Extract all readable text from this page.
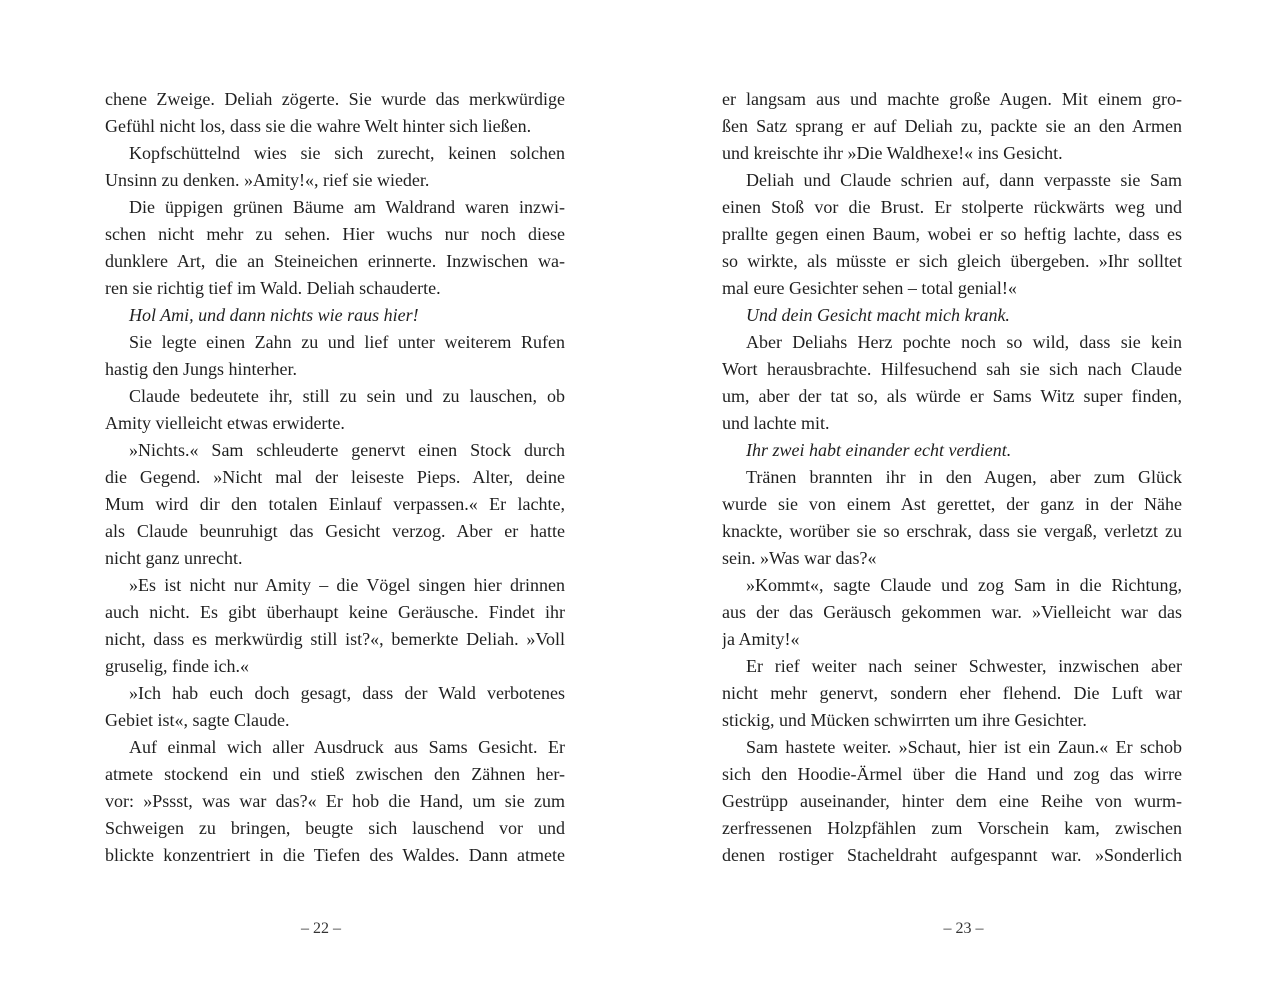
chene Zweige. Deliah zögerte. Sie wurde das merkwürdige
Gefühl nicht los, dass sie die wahre Welt hinter sich ließen.
Kopfschüttelnd wies sie sich zurecht, keinen solchen
Unsinn zu denken. »Amity!«, rief sie wieder.
Die üppigen grünen Bäume am Waldrand waren inzwi-
schen nicht mehr zu sehen. Hier wuchs nur noch diese
dunklere Art, die an Steineichen erinnerte. Inzwischen wa-
ren sie richtig tief im Wald. Deliah schauderte.
Hol Ami, und dann nichts wie raus hier!
Sie legte einen Zahn zu und lief unter weiterem Rufen
hastig den Jungs hinterher.
Claude bedeutete ihr, still zu sein und zu lauschen, ob
Amity vielleicht etwas erwiderte.
»Nichts.« Sam schleuderte genervt einen Stock durch
die Gegend. »Nicht mal der leiseste Pieps. Alter, deine
Mum wird dir den totalen Einlauf verpassen.« Er lachte,
als Claude beunruhigt das Gesicht verzog. Aber er hatte
nicht ganz unrecht.
»Es ist nicht nur Amity – die Vögel singen hier drinnen
auch nicht. Es gibt überhaupt keine Geräusche. Findet ihr
nicht, dass es merkwürdig still ist?«, bemerkte Deliah. »Voll
gruselig, finde ich.«
»Ich hab euch doch gesagt, dass der Wald verbotenes
Gebiet ist«, sagte Claude.
Auf einmal wich aller Ausdruck aus Sams Gesicht. Er
atmete stockend ein und stieß zwischen den Zähnen her-
vor: »Pssst, was war das?« Er hob die Hand, um sie zum
Schweigen zu bringen, beugte sich lauschend vor und
blickte konzentriert in die Tiefen des Waldes. Dann atmete
– 22 –
er langsam aus und machte große Augen. Mit einem gro-
ßen Satz sprang er auf Deliah zu, packte sie an den Armen
und kreischte ihr »Die Waldhexe!« ins Gesicht.
Deliah und Claude schrien auf, dann verpasste sie Sam
einen Stoß vor die Brust. Er stolperte rückwärts weg und
prallte gegen einen Baum, wobei er so heftig lachte, dass es
so wirkte, als müsste er sich gleich übergeben. »Ihr solltet
mal eure Gesichter sehen – total genial!«
Und dein Gesicht macht mich krank.
Aber Deliahs Herz pochte noch so wild, dass sie kein
Wort herausbrachte. Hilfesuchend sah sie sich nach Claude
um, aber der tat so, als würde er Sams Witz super finden,
und lachte mit.
Ihr zwei habt einander echt verdient.
Tränen brannten ihr in den Augen, aber zum Glück
wurde sie von einem Ast gerettet, der ganz in der Nähe
knackte, worüber sie so erschrak, dass sie vergaß, verletzt zu
sein. »Was war das?«
»Kommt«, sagte Claude und zog Sam in die Richtung,
aus der das Geräusch gekommen war. »Vielleicht war das
ja Amity!«
Er rief weiter nach seiner Schwester, inzwischen aber
nicht mehr genervt, sondern eher flehend. Die Luft war
stickig, und Mücken schwirrten um ihre Gesichter.
Sam hastete weiter. »Schaut, hier ist ein Zaun.« Er schob
sich den Hoodie-Ärmel über die Hand und zog das wirre
Gestrüpp auseinander, hinter dem eine Reihe von wurm-
zerfressenen Holzpfählen zum Vorschein kam, zwischen
denen rostiger Stacheldraht aufgespannt war. »Sonderlich
– 23 –
